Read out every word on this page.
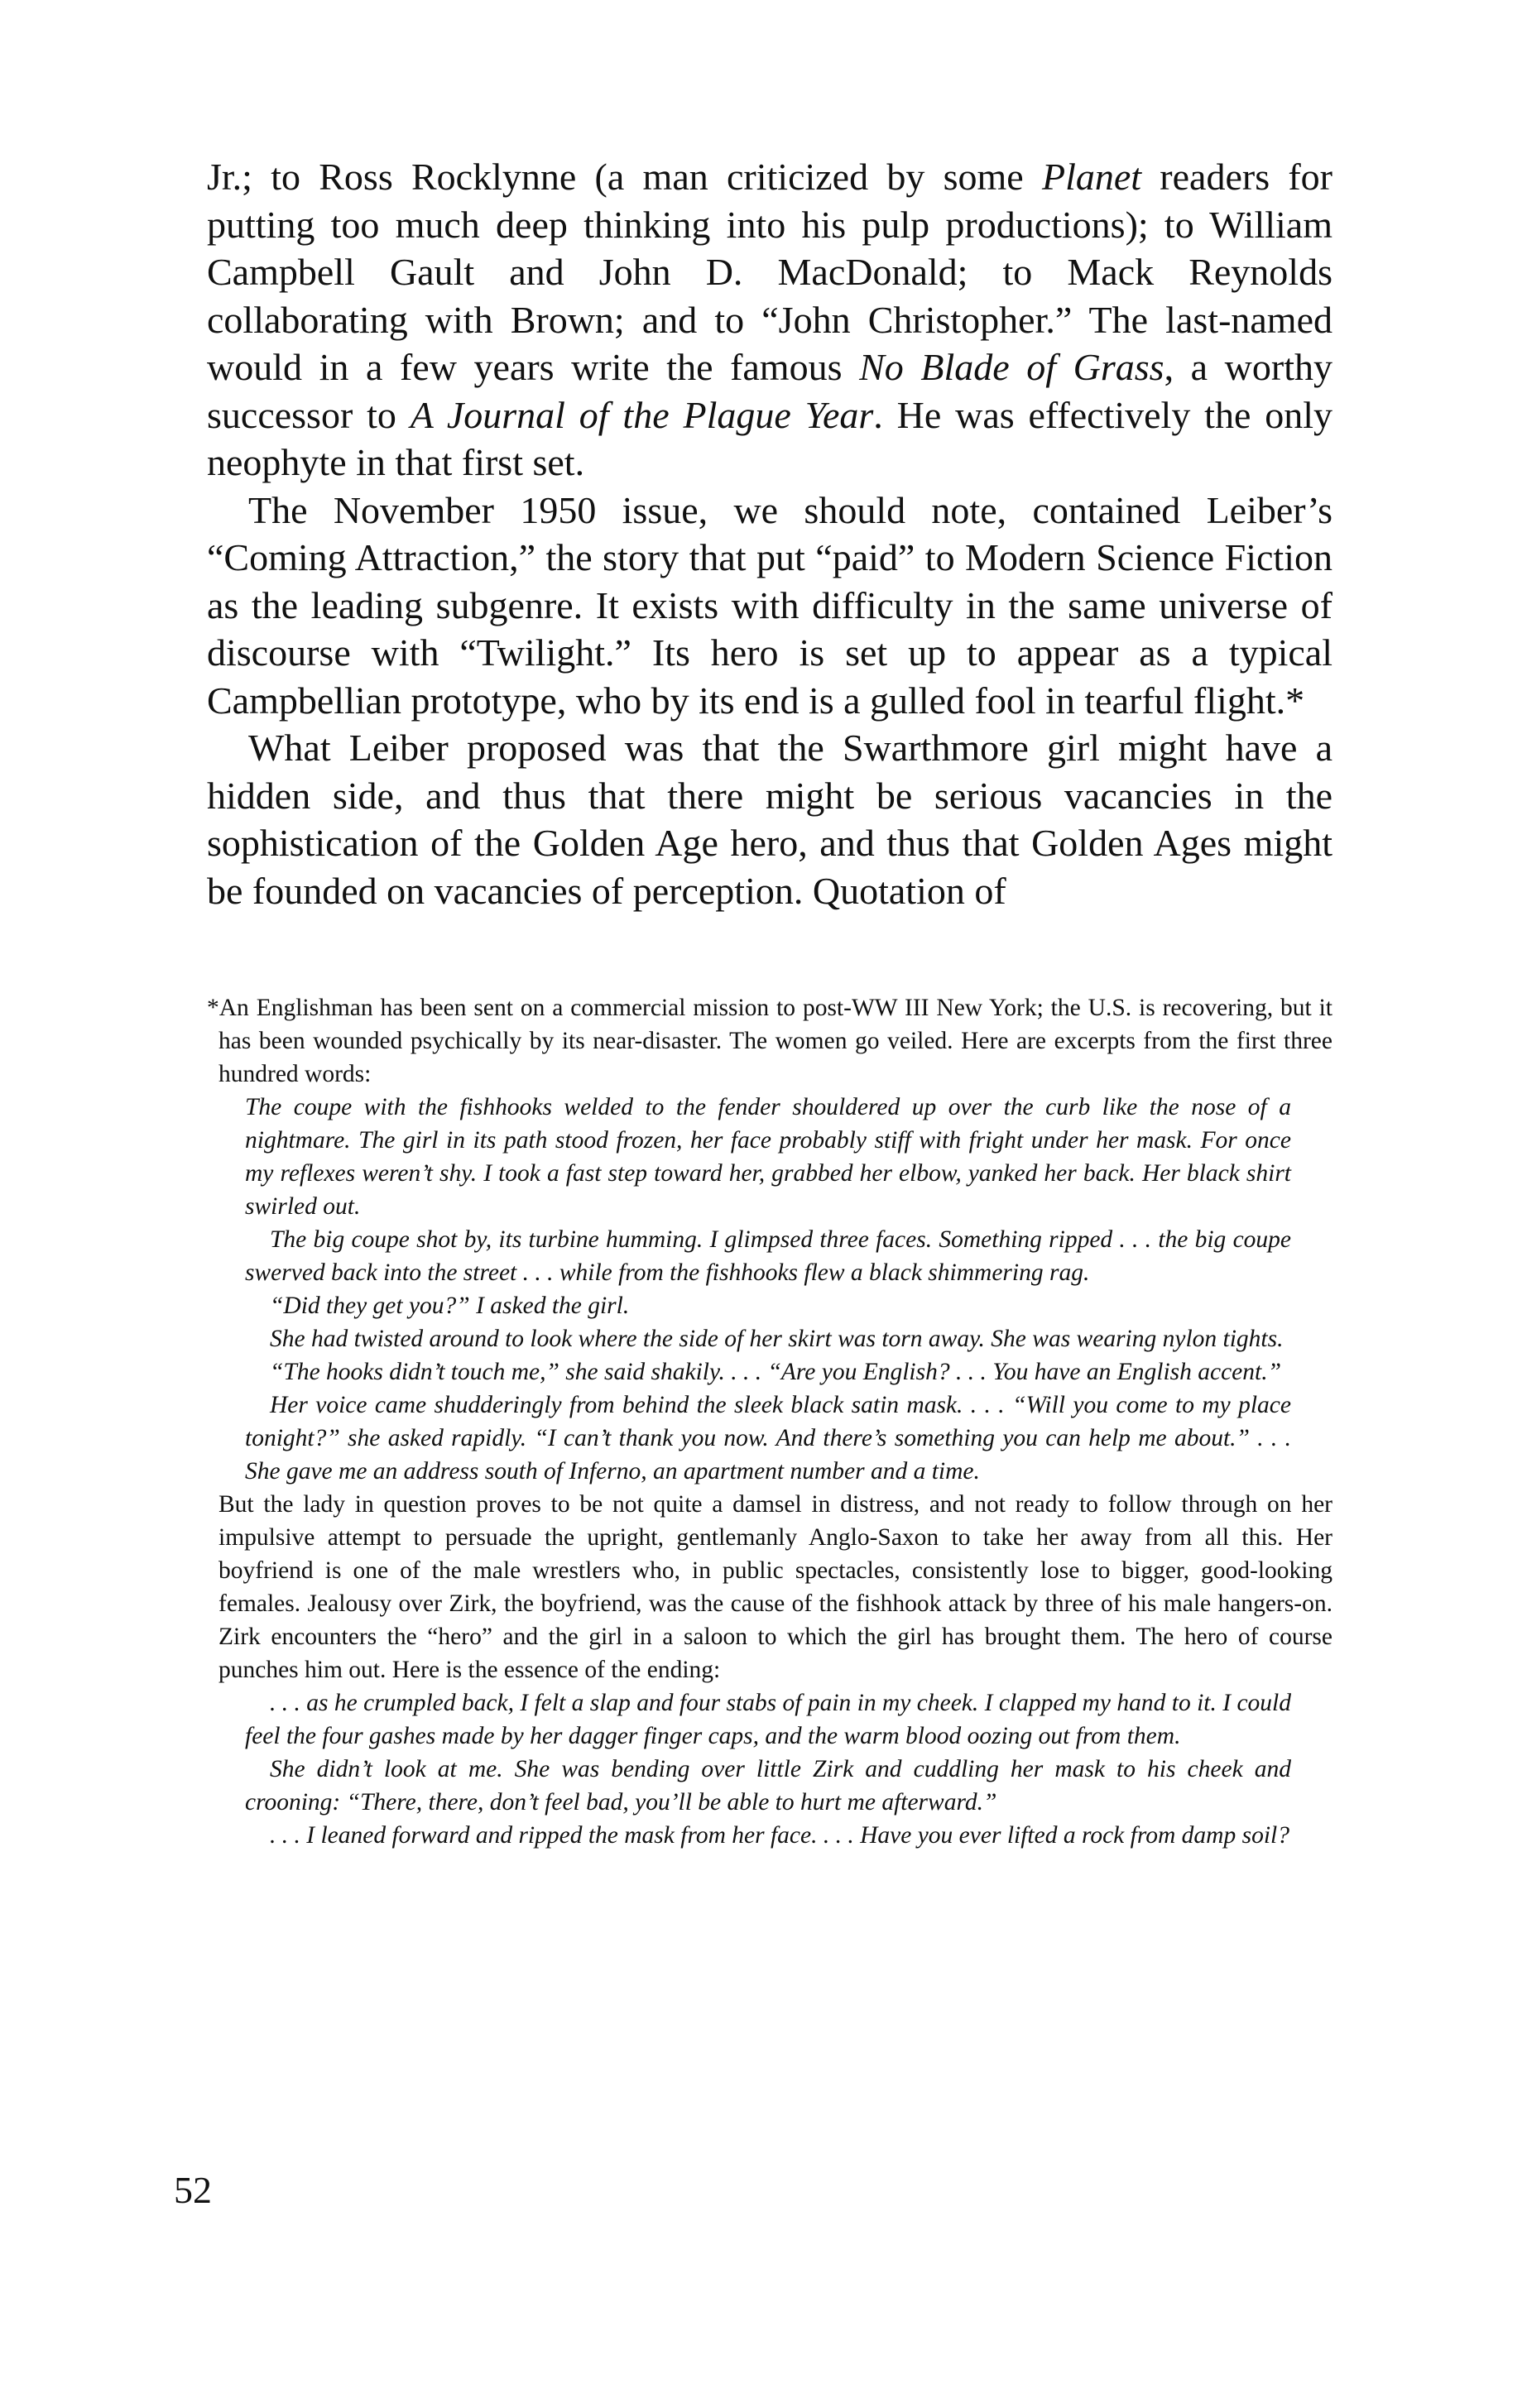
Jr.; to Ross Rocklynne (a man criticized by some Planet readers for putting too much deep thinking into his pulp productions); to William Campbell Gault and John D. MacDonald; to Mack Reynolds collaborating with Brown; and to “John Christopher.” The last-named would in a few years write the famous No Blade of Grass, a worthy successor to A Journal of the Plague Year. He was effectively the only neophyte in that first set.

The November 1950 issue, we should note, contained Leiber’s “Coming Attraction,” the story that put “paid” to Modern Science Fiction as the leading subgenre. It exists with difficulty in the same universe of discourse with “Twilight.” Its hero is set up to appear as a typical Campbellian prototype, who by its end is a gulled fool in tearful flight.*

What Leiber proposed was that the Swarthmore girl might have a hidden side, and thus that there might be serious vacancies in the sophistication of the Golden Age hero, and thus that Golden Ages might be founded on vacancies of perception. Quotation of

*An Englishman has been sent on a commercial mission to post-WW III New York; the U.S. is recovering, but it has been wounded psychically by its near-disaster. The women go veiled. Here are excerpts from the first three hundred words:

The coupe with the fishhooks welded to the fender shouldered up over the curb like the nose of a nightmare. The girl in its path stood frozen, her face probably stiff with fright under her mask. For once my reflexes weren’t shy. I took a fast step toward her, grabbed her elbow, yanked her back. Her black shirt swirled out.

The big coupe shot by, its turbine humming. I glimpsed three faces. Something ripped . . . the big coupe swerved back into the street . . . while from the fishhooks flew a black shimmering rag.

“Did they get you?” I asked the girl.

She had twisted around to look where the side of her skirt was torn away. She was wearing nylon tights.

“The hooks didn’t touch me,” she said shakily. . . . “Are you English? . . . You have an English accent.”

Her voice came shudderingly from behind the sleek black satin mask. . . . “Will you come to my place tonight?” she asked rapidly. “I can’t thank you now. And there’s something you can help me about.” . . . She gave me an address south of Inferno, an apartment number and a time.

But the lady in question proves to be not quite a damsel in distress, and not ready to follow through on her impulsive attempt to persuade the upright, gentlemanly Anglo-Saxon to take her away from all this. Her boyfriend is one of the male wrestlers who, in public spectacles, consistently lose to bigger, good-looking females. Jealousy over Zirk, the boyfriend, was the cause of the fishhook attack by three of his male hangers-on. Zirk encounters the “hero” and the girl in a saloon to which the girl has brought them. The hero of course punches him out. Here is the essence of the ending:

. . . as he crumpled back, I felt a slap and four stabs of pain in my cheek. I clapped my hand to it. I could feel the four gashes made by her dagger finger caps, and the warm blood oozing out from them.

She didn’t look at me. She was bending over little Zirk and cuddling her mask to his cheek and crooning: “There, there, don’t feel bad, you’ll be able to hurt me afterward.”

. . . I leaned forward and ripped the mask from her face. . . . Have you ever lifted a rock from damp soil?

52
